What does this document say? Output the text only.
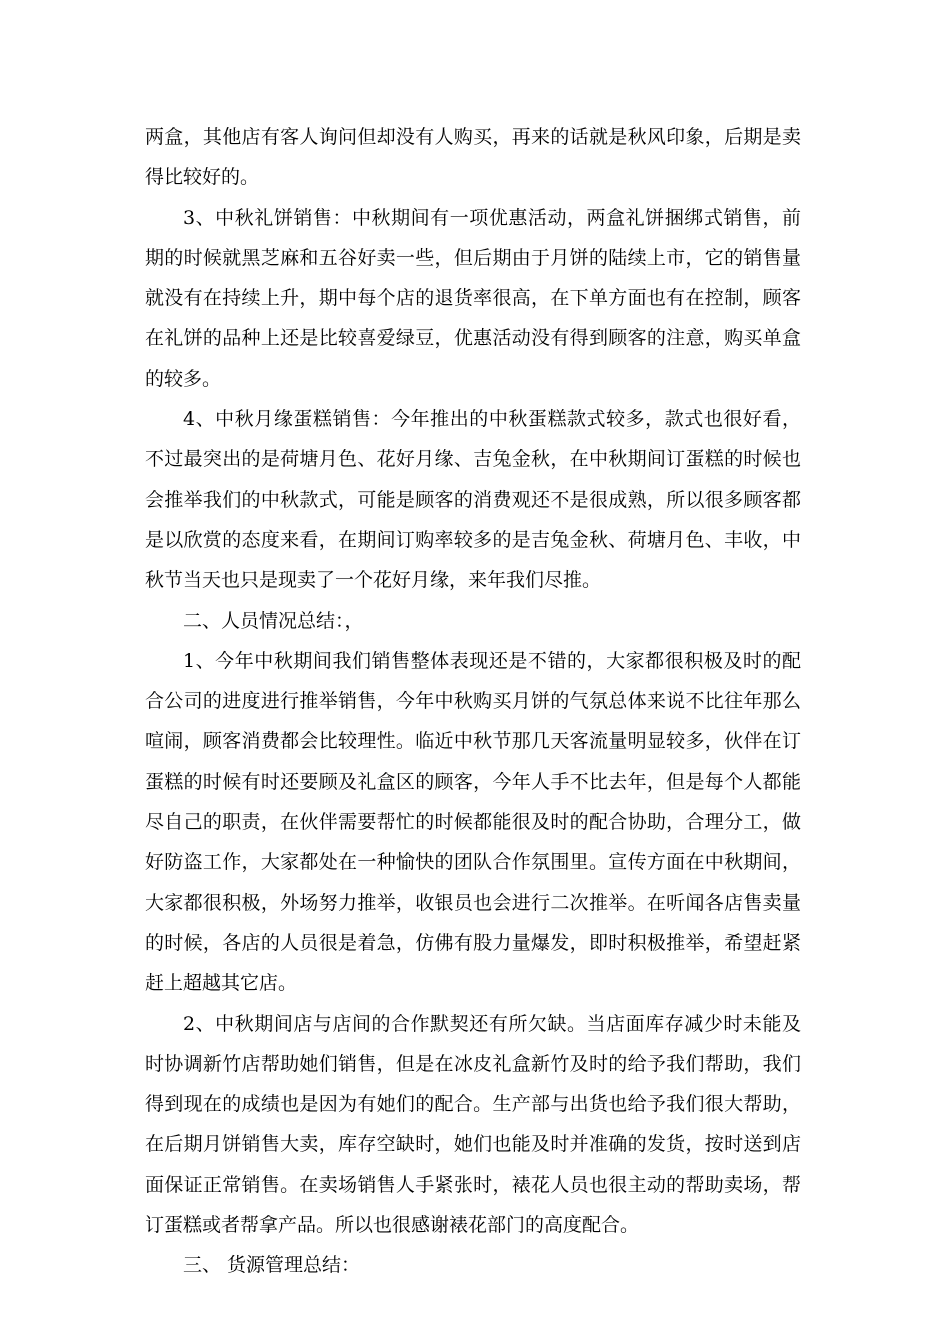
两盒，其他店有客人询问但却没有人购买，再来的话就是秋风印象，后期是卖得比较好的。

3、中秋礼饼销售：中秋期间有一项优惠活动，两盒礼饼捆绑式销售，前期的时候就黑芝麻和五谷好卖一些，但后期由于月饼的陆续上市，它的销售量就没有在持续上升，期中每个店的退货率很高，在下单方面也有在控制，顾客在礼饼的品种上还是比较喜爱绿豆，优惠活动没有得到顾客的注意，购买单盒的较多。

4、中秋月缘蛋糕销售：今年推出的中秋蛋糕款式较多，款式也很好看，不过最突出的是荷塘月色、花好月缘、吉兔金秋，在中秋期间订蛋糕的时候也会推举我们的中秋款式，可能是顾客的消费观还不是很成熟，所以很多顾客都是以欣赏的态度来看，在期间订购率较多的是吉兔金秋、荷塘月色、丰收，中秋节当天也只是现卖了一个花好月缘，来年我们尽推。

二、人员情况总结：，

1、今年中秋期间我们销售整体表现还是不错的，大家都很积极及时的配合公司的进度进行推举销售，今年中秋购买月饼的气氛总体来说不比往年那么喧闹，顾客消费都会比较理性。临近中秋节那几天客流量明显较多，伙伴在订蛋糕的时候有时还要顾及礼盒区的顾客，今年人手不比去年，但是每个人都能尽自己的职责，在伙伴需要帮忙的时候都能很及时的配合协助，合理分工，做好防盗工作，大家都处在一种愉快的团队合作氛围里。宣传方面在中秋期间，大家都很积极，外场努力推举，收银员也会进行二次推举。在听闻各店售卖量的时候，各店的人员很是着急，仿佛有股力量爆发，即时积极推举，希望赶紧赶上超越其它店。

2、中秋期间店与店间的合作默契还有所欠缺。当店面库存减少时未能及时协调新竹店帮助她们销售，但是在冰皮礼盒新竹及时的给予我们帮助，我们得到现在的成绩也是因为有她们的配合。生产部与出货也给予我们很大帮助，在后期月饼销售大卖，库存空缺时，她们也能及时并准确的发货，按时送到店面保证正常销售。在卖场销售人手紧张时，裱花人员也很主动的帮助卖场，帮订蛋糕或者帮拿产品。所以也很感谢裱花部门的高度配合。

三、 货源管理总结：
